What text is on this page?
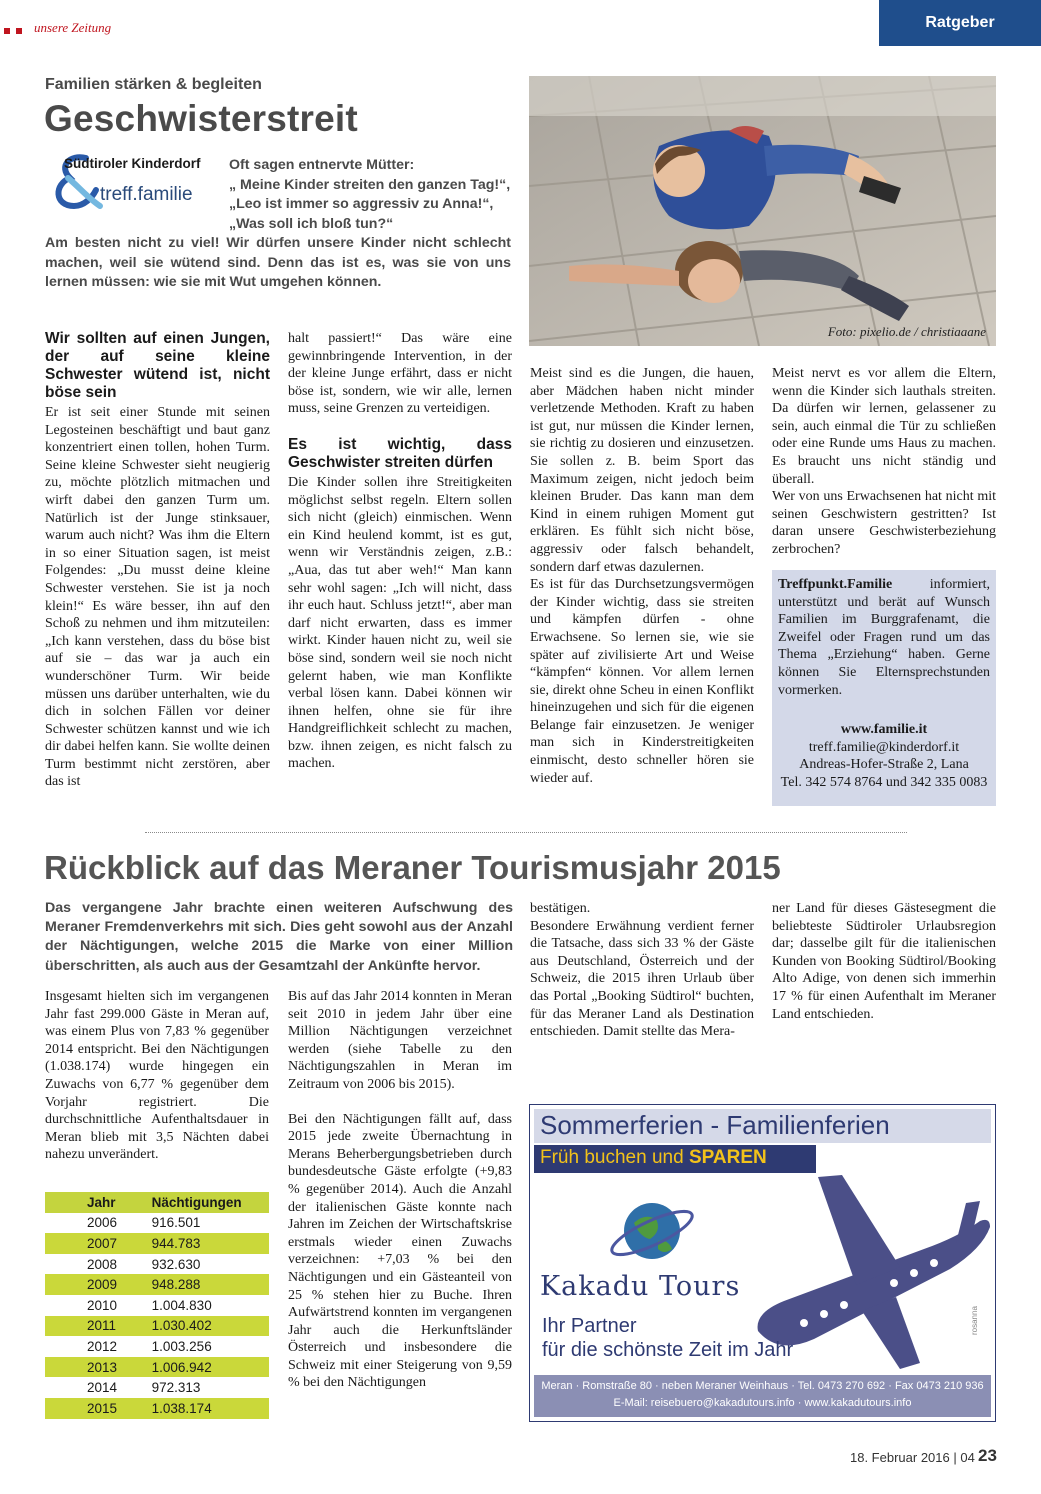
unsere Zeitung	Ratgeber
Familien stärken & begleiten
Geschwisterstreit
Südtiroler Kinderdorf
treff.familie
Oft sagen entnervte Mütter:
„ Meine Kinder streiten den ganzen Tag!“,
„Leo ist immer so aggressiv zu Anna!“,
„Was soll ich bloß tun?“
Am besten nicht zu viel! Wir dürfen unsere Kinder nicht schlecht machen, weil sie wütend sind. Denn das ist es, was sie von uns lernen müssen: wie sie mit Wut umgehen können.
Foto: pixelio.de / christiaaane
Wir sollten auf einen Jungen, der auf seine kleine Schwester wütend ist, nicht böse sein

Er ist seit einer Stunde mit seinen Legosteinen beschäftigt und baut ganz konzentriert einen tollen, hohen Turm. Seine kleine Schwester sieht neugierig zu, möchte plötzlich mitmachen und wirft dabei den ganzen Turm um. Natürlich ist der Junge stinksauer, warum auch nicht? Was ihm die Eltern in so einer Situation sagen, ist meist Folgendes: „Du musst deine kleine Schwester verstehen. Sie ist ja noch klein!“ Es wäre besser, ihn auf den Schoß zu nehmen und ihm mitzuteilen: „Ich kann verstehen, dass du böse bist auf sie – das war ja auch ein wunderschöner Turm. Wir beide müssen uns darüber unterhalten, wie du dich in solchen Fällen vor deiner Schwester schützen kannst und wie ich dir dabei helfen kann. Sie wollte deinen Turm bestimmt nicht zerstören, aber das ist

halt passiert!“ Das wäre eine gewinnbringende Intervention, in der der kleine Junge erfährt, dass er nicht böse ist, sondern, wie wir alle, lernen muss, seine Grenzen zu verteidigen.

Es ist wichtig, dass Geschwister streiten dürfen

Die Kinder sollen ihre Streitigkeiten möglichst selbst regeln. Eltern sollen sich nicht (gleich) einmischen. Wenn ein Kind heulend kommt, ist es gut, wenn wir Verständnis zeigen, z.B.: „Aua, das tut aber weh!“ Man kann sehr wohl sagen: „Ich will nicht, dass ihr euch haut. Schluss jetzt!“, aber man darf nicht erwarten, dass es immer wirkt. Kinder hauen nicht zu, weil sie böse sind, sondern weil sie noch nicht gelernt haben, wie man Konflikte verbal lösen kann. Dabei können wir ihnen helfen, ohne sie für ihre Handgreiflichkeit schlecht zu machen, bzw. ihnen zeigen, es nicht falsch zu machen.

Meist sind es die Jungen, die hauen, aber Mädchen haben nicht minder verletzende Methoden. Kraft zu haben ist gut, nur müssen die Kinder lernen, sie richtig zu dosieren und einzusetzen. Sie sollen z. B. beim Sport das Maximum zeigen, nicht jedoch beim kleinen Bruder. Das kann man dem Kind in einem ruhigen Moment gut erklären. Es fühlt sich nicht böse, aggressiv oder falsch behandelt, sondern darf etwas dazulernen.

Es ist für das Durchsetzungsvermögen der Kinder wichtig, dass sie streiten und kämpfen dürfen - ohne Erwachsene. So lernen sie, wie sie später auf zivilisierte Art und Weise “kämpfen“ können. Vor allem lernen sie, direkt ohne Scheu in einen Konflikt hineinzugehen und sich für die eigenen Belange fair einzusetzen. Je weniger man sich in Kinderstreitigkeiten einmischt, desto schneller hören sie wieder auf.

Meist nervt es vor allem die Eltern, wenn die Kinder sich lauthals streiten. Da dürfen wir lernen, gelassener zu sein, auch einmal die Tür zu schließen oder eine Runde ums Haus zu machen. Es braucht uns nicht ständig und überall.

Wer von uns Erwachsenen hat nicht mit seinen Geschwistern gestritten? Ist daran unsere Geschwisterbeziehung zerbrochen?

Treffpunkt.Familie informiert, unterstützt und berät auf Wunsch Familien im Burggrafenamt, die Zweifel oder Fragen rund um das Thema „Erziehung“ haben. Gerne können Sie Elternsprechstunden vormerken.

www.familie.it
treff.familie@kinderdorf.it
Andreas-Hofer-Straße 2, Lana
Tel. 342 574 8764 und 342 335 0083
Rückblick auf das Meraner Tourismusjahr 2015
Das vergangene Jahr brachte einen weiteren Aufschwung des Meraner Fremdenverkehrs mit sich. Dies geht sowohl aus der Anzahl der Nächtigungen, welche 2015 die Marke von einer Million überschritten, als auch aus der Gesamtzahl der Ankünfte hervor.

Insgesamt hielten sich im vergangenen Jahr fast 299.000 Gäste in Meran auf, was einem Plus von 7,83 % gegenüber 2014 entspricht. Bei den Nächtigungen (1.038.174) wurde hingegen ein Zuwachs von 6,77 % gegenüber dem Vorjahr registriert. Die durchschnittliche Aufenthaltsdauer in Meran blieb mit 3,5 Nächten dabei nahezu unverändert.

Jahr	Nächtigungen
2006	916.501
2007	944.783
2008	932.630
2009	948.288
2010	1.004.830
2011	1.030.402
2012	1.003.256
2013	1.006.942
2014	972.313
2015	1.038.174

Bis auf das Jahr 2014 konnten in Meran seit 2010 in jedem Jahr über eine Million Nächtigungen verzeichnet werden (siehe Tabelle zu den Nächtigungszahlen in Meran im Zeitraum von 2006 bis 2015).

Bei den Nächtigungen fällt auf, dass 2015 jede zweite Übernachtung in Merans Beherbergungsbetrieben durch bundesdeutsche Gäste erfolgte (+9,83 % gegenüber 2014). Auch die Anzahl der italienischen Gäste konnte nach Jahren im Zeichen der Wirtschaftskrise erstmals wieder einen Zuwachs verzeichnen: +7,03 % bei den Nächtigungen und ein Gästeanteil von 25 % stehen hier zu Buche. Ihren Aufwärtstrend konnten im vergangenen Jahr auch die Herkunftsländer Österreich und insbesondere die Schweiz mit einer Steigerung von 9,59 % bei den Nächtigungen

bestätigen.

Besondere Erwähnung verdient ferner die Tatsache, dass sich 33 % der Gäste aus Deutschland, Österreich und der Schweiz, die 2015 ihren Urlaub über das Portal „Booking Südtirol“ buchten, für das Meraner Land als Destination entschieden. Damit stellte das Mera-

ner Land für dieses Gästesegment die beliebteste Südtiroler Urlaubsregion dar; dasselbe gilt für die italienischen Kunden von Booking Südtirol/Booking Alto Adige, von denen sich immerhin 17 % für einen Aufenthalt im Meraner Land entschieden.

Sommerferien - Familienferien
Früh buchen und SPAREN
Kakadu Tours
Ihr Partner
für die schönste Zeit im Jahr
rosanna
Meran · Romstraße 80 · neben Meraner Weinhaus · Tel. 0473 270 692 · Fax 0473 210 936
E-Mail: reisebuero@kakadutours.info · www.kakadutours.info
18. Februar 2016 | 04 23
